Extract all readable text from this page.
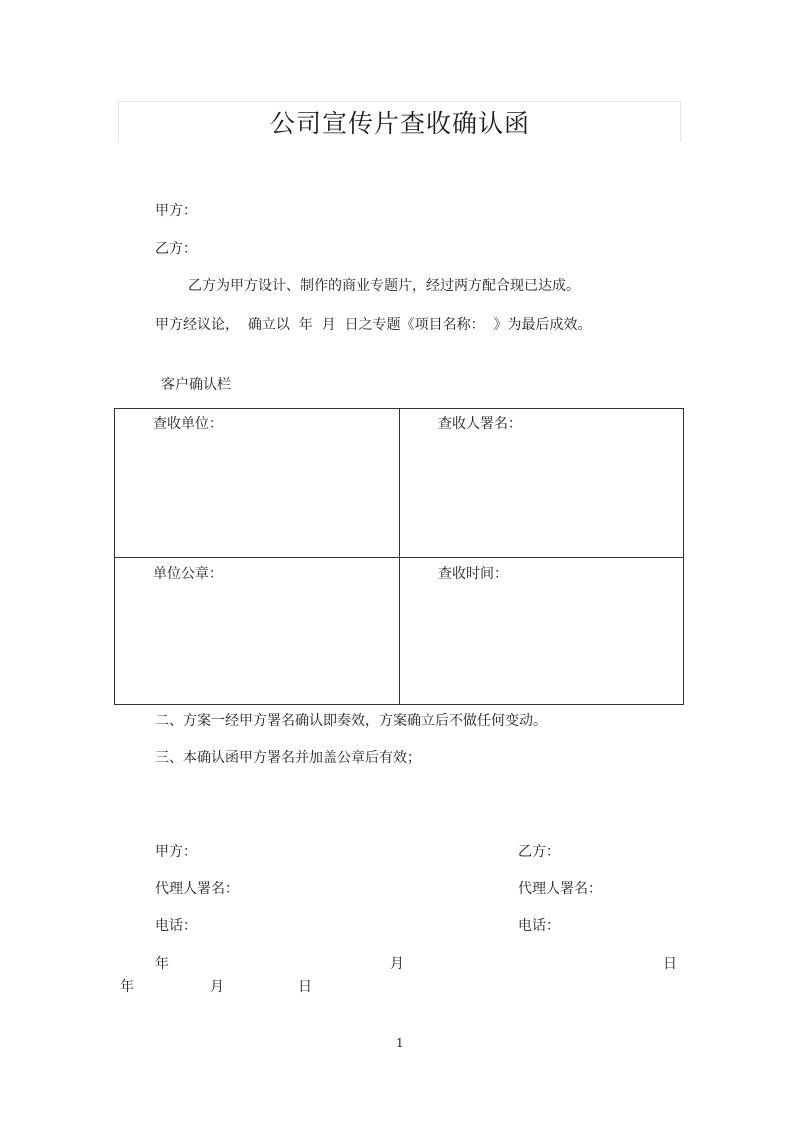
公司宣传片查收确认函
甲方：
乙方：
乙方为甲方设计、制作的商业专题片，经过两方配合现已达成。
甲方经议论，  确立以  年  月  日之专题《项目名称：  》为最后成效。
客户确认栏
查收单位：	查收人署名：
单位公章：	查收时间：
二、方案一经甲方署名确认即奏效，方案确立后不做任何变动。
三、本确认函甲方署名并加盖公章后有效；
甲方：	乙方：
代理人署名：	代理人署名：
电话：	电话：
年	月	日
年	月	日
1
